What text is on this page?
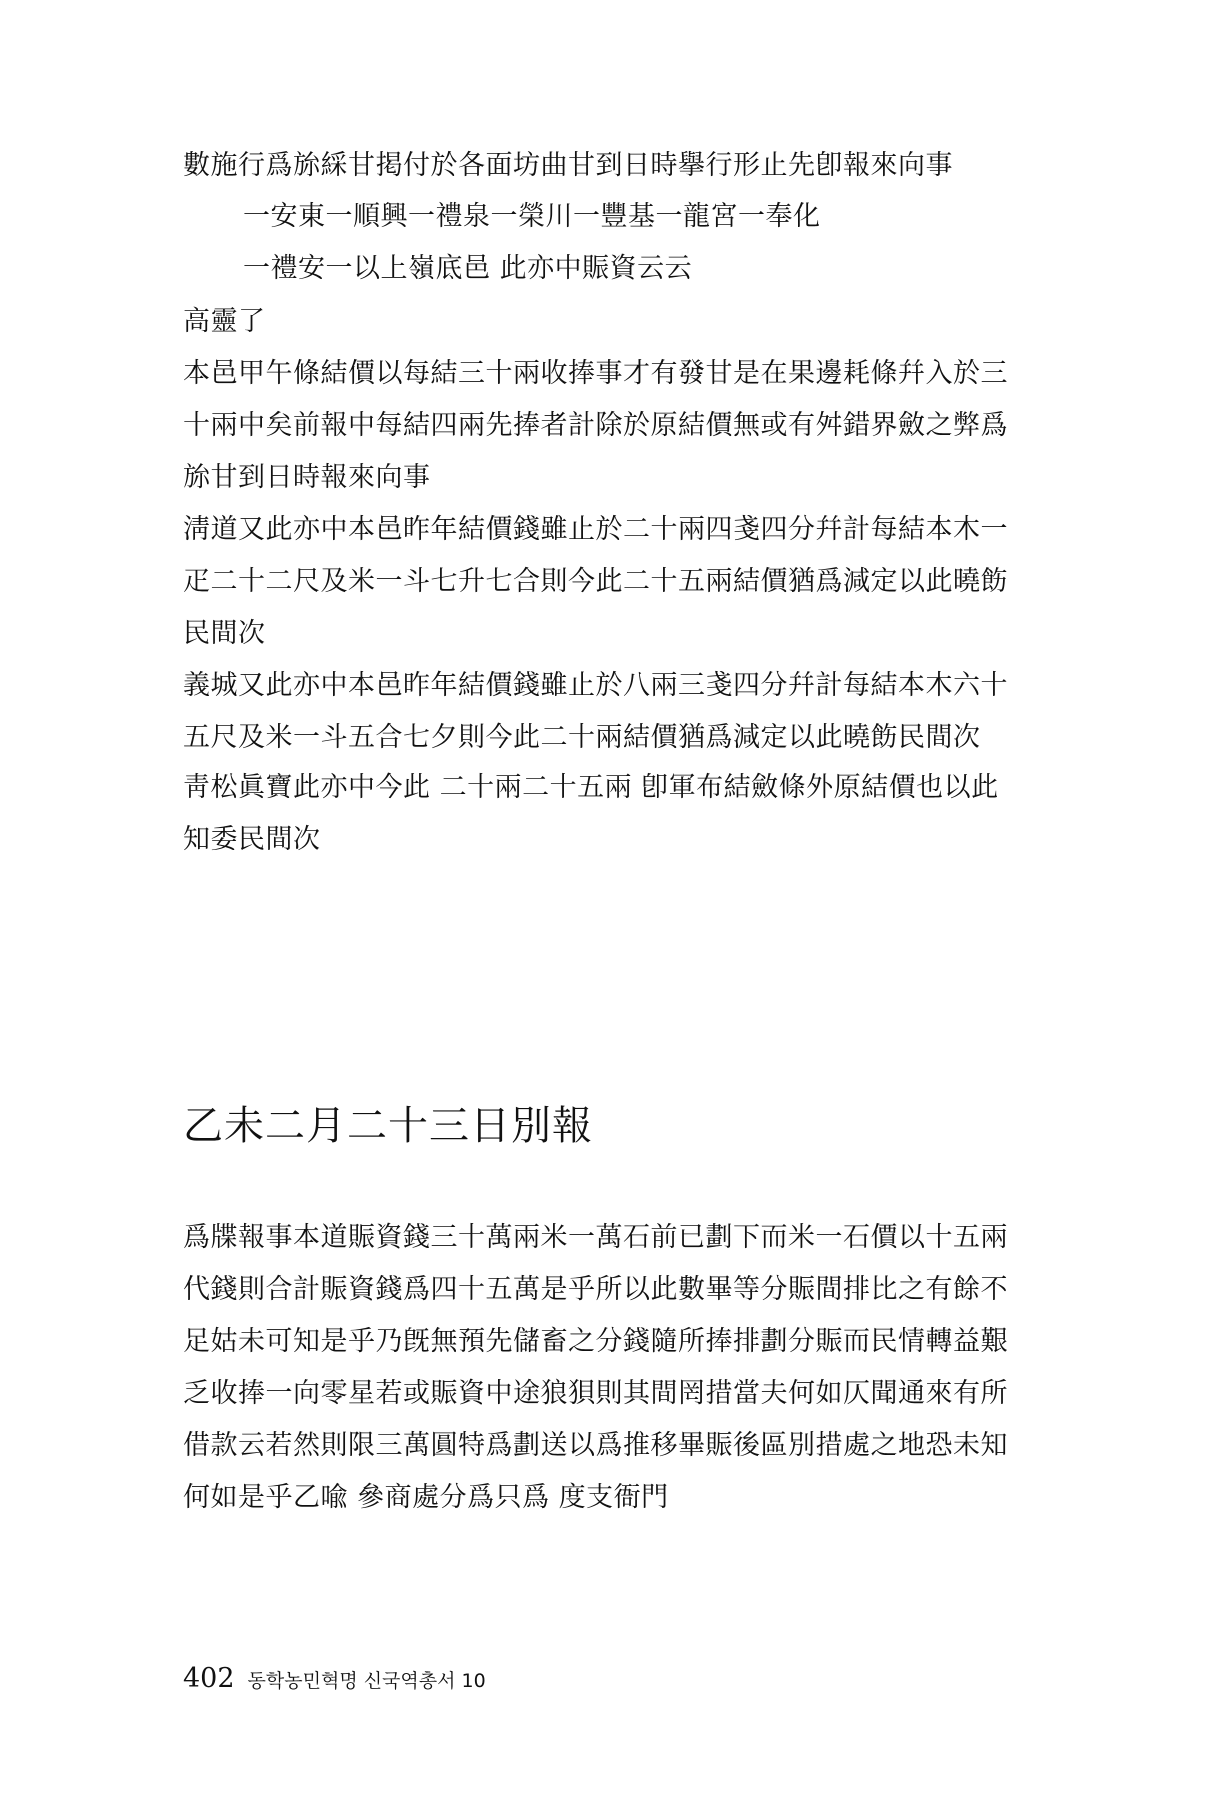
數施行爲旀綵甘掲付於各面坊曲甘到日時擧行形止先卽報來向事
一安東一順興一禮泉一榮川一豐基一龍宮一奉化
一禮安一以上嶺底邑 此亦中賑資云云
高靈了
本邑甲午條結價以每結三十兩收捧事才有發甘是在果邊耗條幷入於三
十兩中矣前報中每結四兩先捧者計除於原結價無或有舛錯界斂之弊爲
旀甘到日時報來向事
淸道又此亦中本邑昨年結價錢雖止於二十兩四戔四分幷計每結本木一
疋二十二尺及米一斗七升七合則今此二十五兩結價猶爲減定以此曉飭
民間次
義城又此亦中本邑昨年結價錢雖止於八兩三戔四分幷計每結本木六十
五尺及米一斗五合七夕則今此二十兩結價猶爲減定以此曉飭民間次
靑松眞寶此亦中今此 二十兩二十五兩 卽軍布結斂條外原結價也以此
知委民間次
乙未二月二十三日別報
爲牒報事本道賑資錢三十萬兩米一萬石前已劃下而米一石價以十五兩
代錢則合計賑資錢爲四十五萬是乎所以此數畢等分賑間排比之有餘不
足姑未可知是乎乃旣無預先儲畜之分錢隨所捧排劃分賑而民情轉益艱
乏收捧一向零星若或賑資中途狼狽則其間罔措當夫何如仄聞通來有所
借款云若然則限三萬圓特爲劃送以爲推移畢賑後區別措處之地恐未知
何如是乎乙喩 參商處分爲只爲 度支衙門
402 동학농민혁명 신국역총서 10
